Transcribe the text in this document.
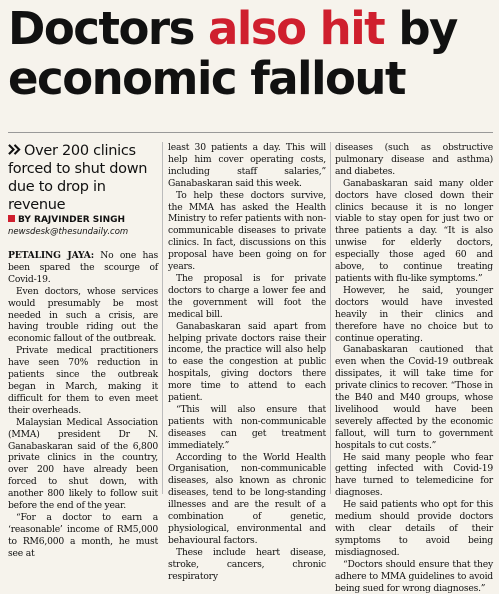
Doctors also hit by economic fallout
Over 200 clinics forced to shut down due to drop in revenue
BY RAJVINDER SINGH
newsdesk@thesundaily.com

PETALING JAYA: No one has been spared the scourge of Covid-19.

Even doctors, whose services would presumably be most needed in such a crisis, are having trouble riding out the economic fallout of the outbreak.

Private medical practitioners have seen 70% reduction in patients since the outbreak began in March, making it difficult for them to even meet their overheads.

Malaysian Medical Association (MMA) president Dr N. Ganabaskaran said of the 6,800 private clinics in the country, over 200 have already been forced to shut down, with another 800 likely to follow suit before the end of the year.

“For a doctor to earn a ‘reasonable’ income of RM5,000 to RM6,000 a month, he must see at

least 30 patients a day. This will help him cover operating costs, including staff salaries,” Ganabaskaran said this week.

To help these doctors survive, the MMA has asked the Health Ministry to refer patients with non-communicable diseases to private clinics. In fact, discussions on this proposal have been going on for years.

The proposal is for private doctors to charge a lower fee and the government will foot the medical bill.

Ganabaskaran said apart from helping private doctors raise their income, the practice will also help to ease the congestion at public hospitals, giving doctors there more time to attend to each patient.

“This will also ensure that patients with non-communicable diseases can get treatment immediately.”

According to the World Health Organisation, non-communicable diseases, also known as chronic diseases, tend to be long-standing illnesses and are the result of a combination of genetic, physiological, environmental and behavioural factors.

These include heart disease, stroke, cancers, chronic respiratory

diseases (such as obstructive pulmonary disease and asthma) and diabetes.

Ganabaskaran said many older doctors have closed down their clinics because it is no longer viable to stay open for just two or three patients a day. “It is also unwise for elderly doctors, especially those aged 60 and above, to continue treating patients with flu-like symptoms.”

However, he said, younger doctors would have invested heavily in their clinics and therefore have no choice but to continue operating.

Ganabaskaran cautioned that even when the Covid-19 outbreak dissipates, it will take time for private clinics to recover. “Those in the B40 and M40 groups, whose livelihood would have been severely affected by the economic fallout, will turn to government hospitals to cut costs.”

He said many people who fear getting infected with Covid-19 have turned to telemedicine for diagnoses.

He said patients who opt for this medium should provide doctors with clear details of their symptoms to avoid being misdiagnosed.

“Doctors should ensure that they adhere to MMA guidelines to avoid being sued for wrong diagnoses.”
